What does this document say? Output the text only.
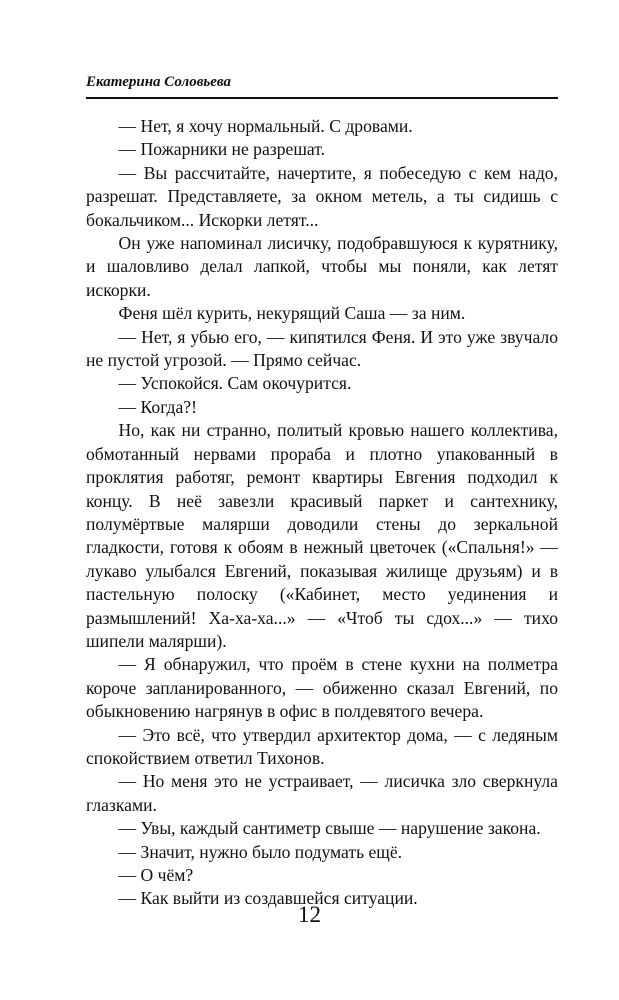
Екатерина Соловьева

— Нет, я хочу нормальный. С дровами.

— Пожарники не разрешат.

— Вы рассчитайте, начертите, я побеседую с кем надо, разрешат. Представляете, за окном метель, а ты сидишь с бокальчиком... Искорки летят...

Он уже напоминал лисичку, подобравшуюся к курятнику, и шаловливо делал лапкой, чтобы мы поняли, как летят искорки.

Феня шёл курить, некурящий Саша — за ним.

— Нет, я убью его, — кипятился Феня. И это уже звучало не пустой угрозой. — Прямо сейчас.

— Успокойся. Сам окочурится.

— Когда?!

Но, как ни странно, политый кровью нашего коллектива, обмотанный нервами прораба и плотно упакованный в проклятия работяг, ремонт квартиры Евгения подходил к концу. В неё завезли красивый паркет и сантехнику, полумёртвые малярши доводили стены до зеркальной гладкости, готовя к обоям в нежный цветочек («Спальня!» — лукаво улыбался Евгений, показывая жилище друзьям) и в пастельную полоску («Кабинет, место уединения и размышлений! Ха-ха-ха...» — «Чтоб ты сдох...» — тихо шипели малярши).

— Я обнаружил, что проём в стене кухни на полметра короче запланированного, — обиженно сказал Евгений, по обыкновению нагрянув в офис в полдевятого вечера.

— Это всё, что утвердил архитектор дома, — с ледяным спокойствием ответил Тихонов.

— Но меня это не устраивает, — лисичка зло сверкнула глазками.

— Увы, каждый сантиметр свыше — нарушение закона.

— Значит, нужно было подумать ещё.

— О чём?

— Как выйти из создавшейся ситуации.

12
